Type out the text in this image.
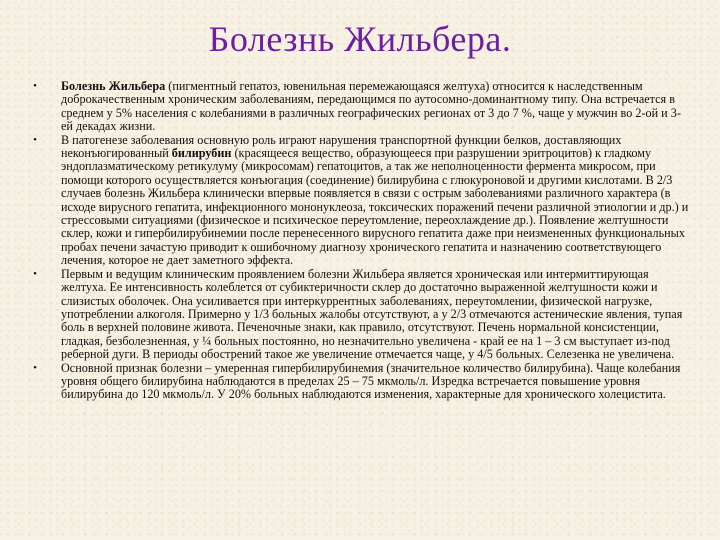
Болезнь Жильбера.
• Болезнь Жильбера (пигментный гепатоз, ювенильная перемежающаяся желтуха) относится к наследственным доброкачественным хроническим заболеваниям, передающимся по аутосомно-доминантному типу. Она встречается в среднем у 5% населения с колебаниями в различных географических регионах от 3 до 7 %, чаще у мужчин во 2-ой и 3-ей декадах жизни.
• В патогенезе заболевания основную роль играют нарушения транспортной функции белков, доставляющих неконъюгированный билирубин (красящееся вещество, образующееся при разрушении эритроцитов) к гладкому эндоплазматическому ретикулуму (микросомам) гепатоцитов, а так же неполноценности фермента микросом, при помощи которого осуществляется конъюгация (соединение) билирубина с глюкуроновой и другими кислотами. В 2/3 случаев болезнь Жильбера клинически впервые появляется в связи с острым заболеваниями различного характера (в исходе вирусного гепатита, инфекционного мононуклеоза, токсических поражений печени различной этиологии и др.) и стрессовыми ситуациями (физическое и психическое переутомление, переохлаждение др.). Появление желтушности склер, кожи и гипербилирубинемии после перенесенного вирусного гепатита даже при неизмененных функциональных пробах печени зачастую приводит к ошибочному диагнозу хронического гепатита и назначению соответствующего лечения, которое не дает заметного эффекта.
• Первым и ведущим клиническим проявлением болезни Жильбера является хроническая или интермиттирующая желтуха. Ее интенсивность колеблется от субиктеричности склер до достаточно выраженной желтушности кожи и слизистых оболочек. Она усиливается при интеркуррентных заболеваниях, переутомлении, физической нагрузке, употреблении алкоголя. Примерно у 1/3 больных жалобы отсутствуют, а у 2/3 отмечаются астенические явления, тупая боль в верхней половине живота. Печеночные знаки, как правило, отсутствуют. Печень нормальной консистенции, гладкая, безболезненная, у ¼ больных постоянно, но незначительно увеличена - край ее на 1 – 3 см выступает из-под реберной дуги. В периоды обострений такое же увеличение отмечается чаще, у 4/5 больных. Селезенка не увеличена.
• Основной признак болезни – умеренная гипербилирубинемия (значительное количество билирубина). Чаще колебания уровня общего билирубина наблюдаются в пределах 25 – 75 мкмоль/л. Изредка встречается повышение уровня билирубина до 120 мкмоль/л. У 20% больных наблюдаются изменения, характерные для хронического холецистита.
